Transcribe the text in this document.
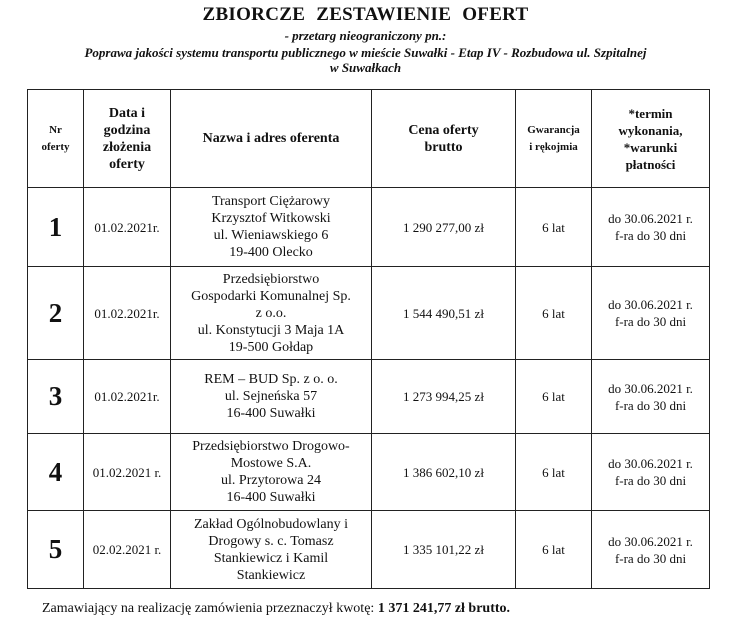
ZBIORCZE ZESTAWIENIE OFERT
- przetarg nieograniczony pn.:
Poprawa jakości systemu transportu publicznego w mieście Suwałki - Etap IV - Rozbudowa ul. Szpitalnej
w Suwałkach
Nr
oferty	Data i
godzina
złożenia
oferty	Nazwa i adres oferenta	Cena oferty
brutto	Gwarancja
i rękojmia	*termin
wykonania,
*warunki
płatności

1	01.02.2021r.	Transport Ciężarowy
Krzysztof Witkowski
ul. Wieniawskiego 6
19-400 Olecko	1 290 277,00 zł	6 lat	do 30.06.2021 r.
f-ra do 30 dni

2	01.02.2021r.	Przedsiębiorstwo
Gospodarki Komunalnej Sp.
z o.o.
ul. Konstytucji 3 Maja 1A
19-500 Gołdap	1 544 490,51 zł	6 lat	do 30.06.2021 r.
f-ra do 30 dni

3	01.02.2021r.	REM – BUD Sp. z o. o.
ul. Sejneńska 57
16-400 Suwałki	1 273 994,25 zł	6 lat	do 30.06.2021 r.
f-ra do 30 dni

4	01.02.2021 r.	Przedsiębiorstwo Drogowo-
Mostowe S.A.
ul. Przytorowa 24
16-400 Suwałki	1 386 602,10 zł	6 lat	do 30.06.2021 r.
f-ra do 30 dni

5	02.02.2021 r.	Zakład Ogólnobudowlany i
Drogowy s. c. Tomasz
Stankiewicz i Kamil
Stankiewicz	1 335 101,22 zł	6 lat	do 30.06.2021 r.
f-ra do 30 dni
Zamawiający na realizację zamówienia przeznaczył kwotę: 1 371 241,77 zł brutto.
